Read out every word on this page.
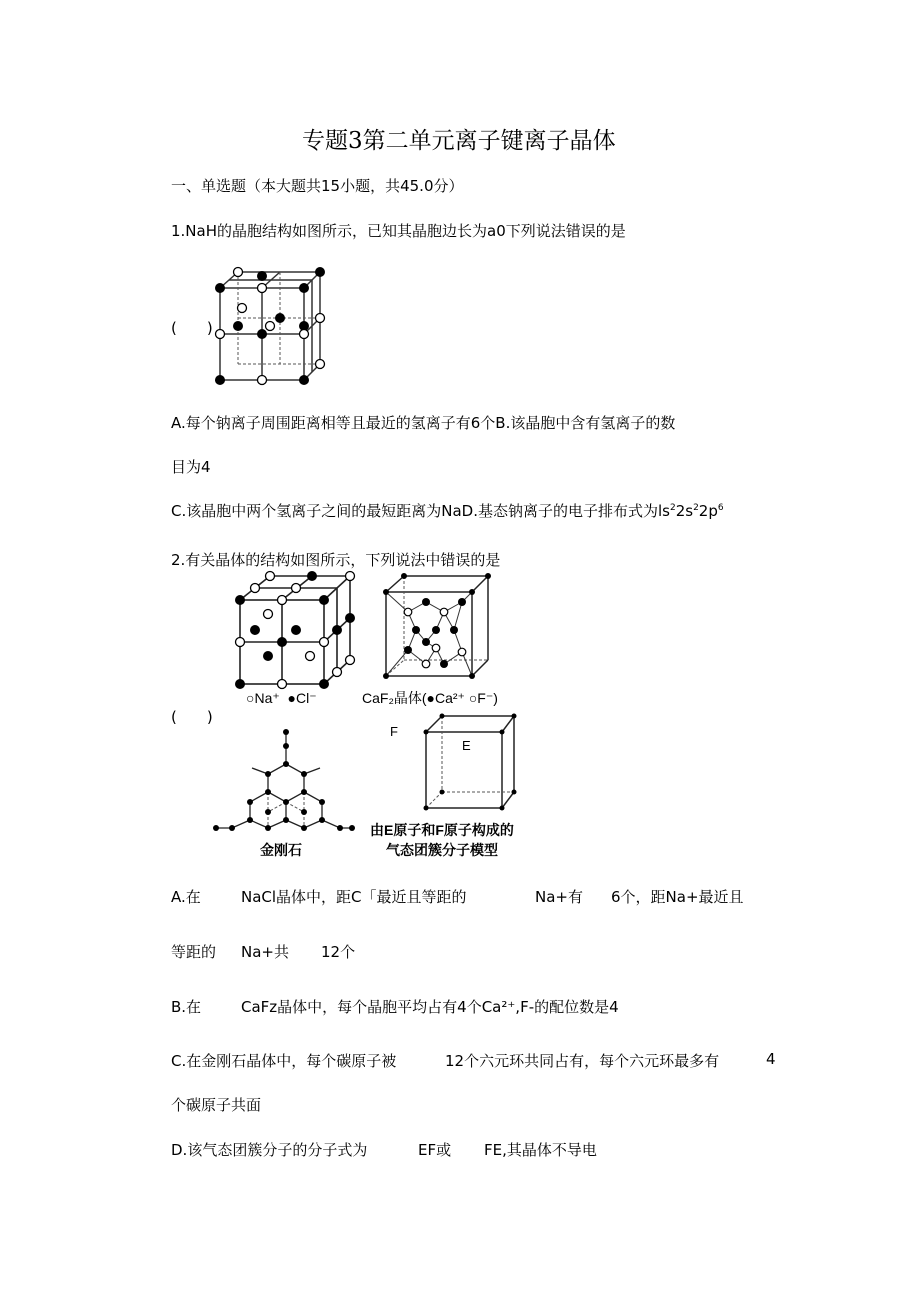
专题3第二单元离子键离子晶体
一、单选题（本大题共15小题，共45.0分）
1.NaH的晶胞结构如图所示，已知其晶胞边长为a0下列说法错误的是
(　　)
A.每个钠离子周围距离相等且最近的氢离子有6个B.该晶胞中含有氢离子的数
目为4
C.该晶胞中两个氢离子之间的最短距离为NaD.基态钠离子的电子排布式为$ls^22s^22p^6$
2.有关晶体的结构如图所示，下列说法中错误的是
(　　)
○Na⁺ ●Cl⁻	CaF₂晶体(●Ca²⁺ ○F⁻)
金刚石
F
E
由E原子和F原子构成的
气态团簇分子模型
A.在	NaCl晶体中，距C「最近且等距的	Na+有 6个，距Na+最近且
等距的 Na+共 12个
B.在	CaFz晶体中，每个晶胞平均占有4个Ca²⁺,F-的配位数是4
C.在金刚石晶体中，每个碳原子被	12个六元环共同占有，每个六元环最多有	4
个碳原子共面
D.该气态团簇分子的分子式为	EF或 FE,其晶体不导电
